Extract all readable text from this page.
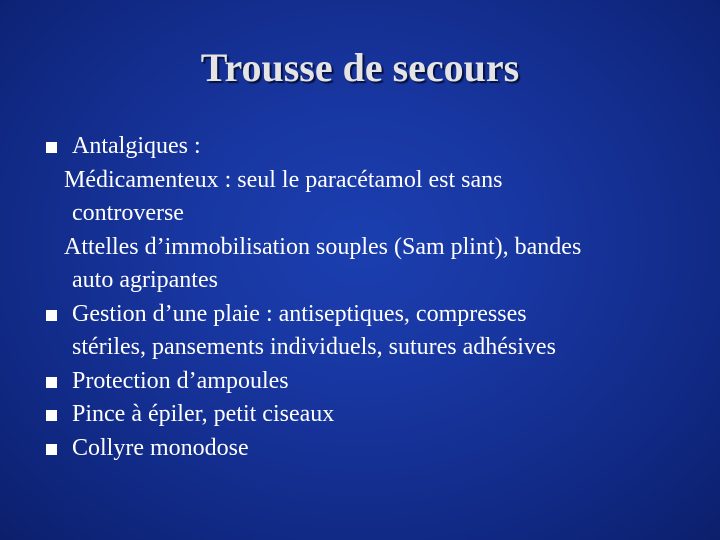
Trousse de secours
Antalgiques :
Médicamenteux : seul le paracétamol est sans
controverse
Attelles d’immobilisation souples (Sam plint), bandes
auto agripantes
Gestion d’une plaie : antiseptiques, compresses
stériles, pansements individuels, sutures adhésives
Protection d’ampoules
Pince à épiler, petit ciseaux
Collyre monodose
